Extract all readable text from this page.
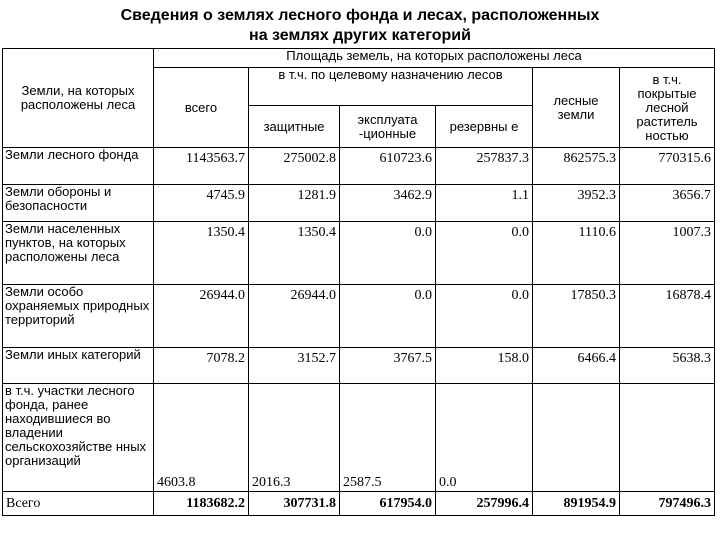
Сведения о землях лесного фонда и лесах, расположенных
на землях других категорий
Земли, на которых расположены леса	Площадь земель, на которых расположены леса					
	всего	в т.ч. по целевому назначению лесов			лесные земли	в т.ч. покрытые лесной раститель ностью
		защитные	эксплуата -ционные	резервны е		
Земли лесного фонда	1143563.7	275002.8	610723.6	257837.3	862575.3	770315.6
Земли обороны и безопасности	4745.9	1281.9	3462.9	1.1	3952.3	3656.7
Земли населенных пунктов, на которых расположены леса	1350.4	1350.4	0.0	0.0	1110.6	1007.3
Земли особо охраняемых природных территорий	26944.0	26944.0	0.0	0.0	17850.3	16878.4
Земли иных категорий	7078.2	3152.7	3767.5	158.0	6466.4	5638.3
в т.ч. участки лесного фонда, ранее находившиеся во владении сельскохозяйстве нных организаций	4603.8	2016.3	2587.5	0.0		
Всего	1183682.2	307731.8	617954.0	257996.4	891954.9	797496.3
